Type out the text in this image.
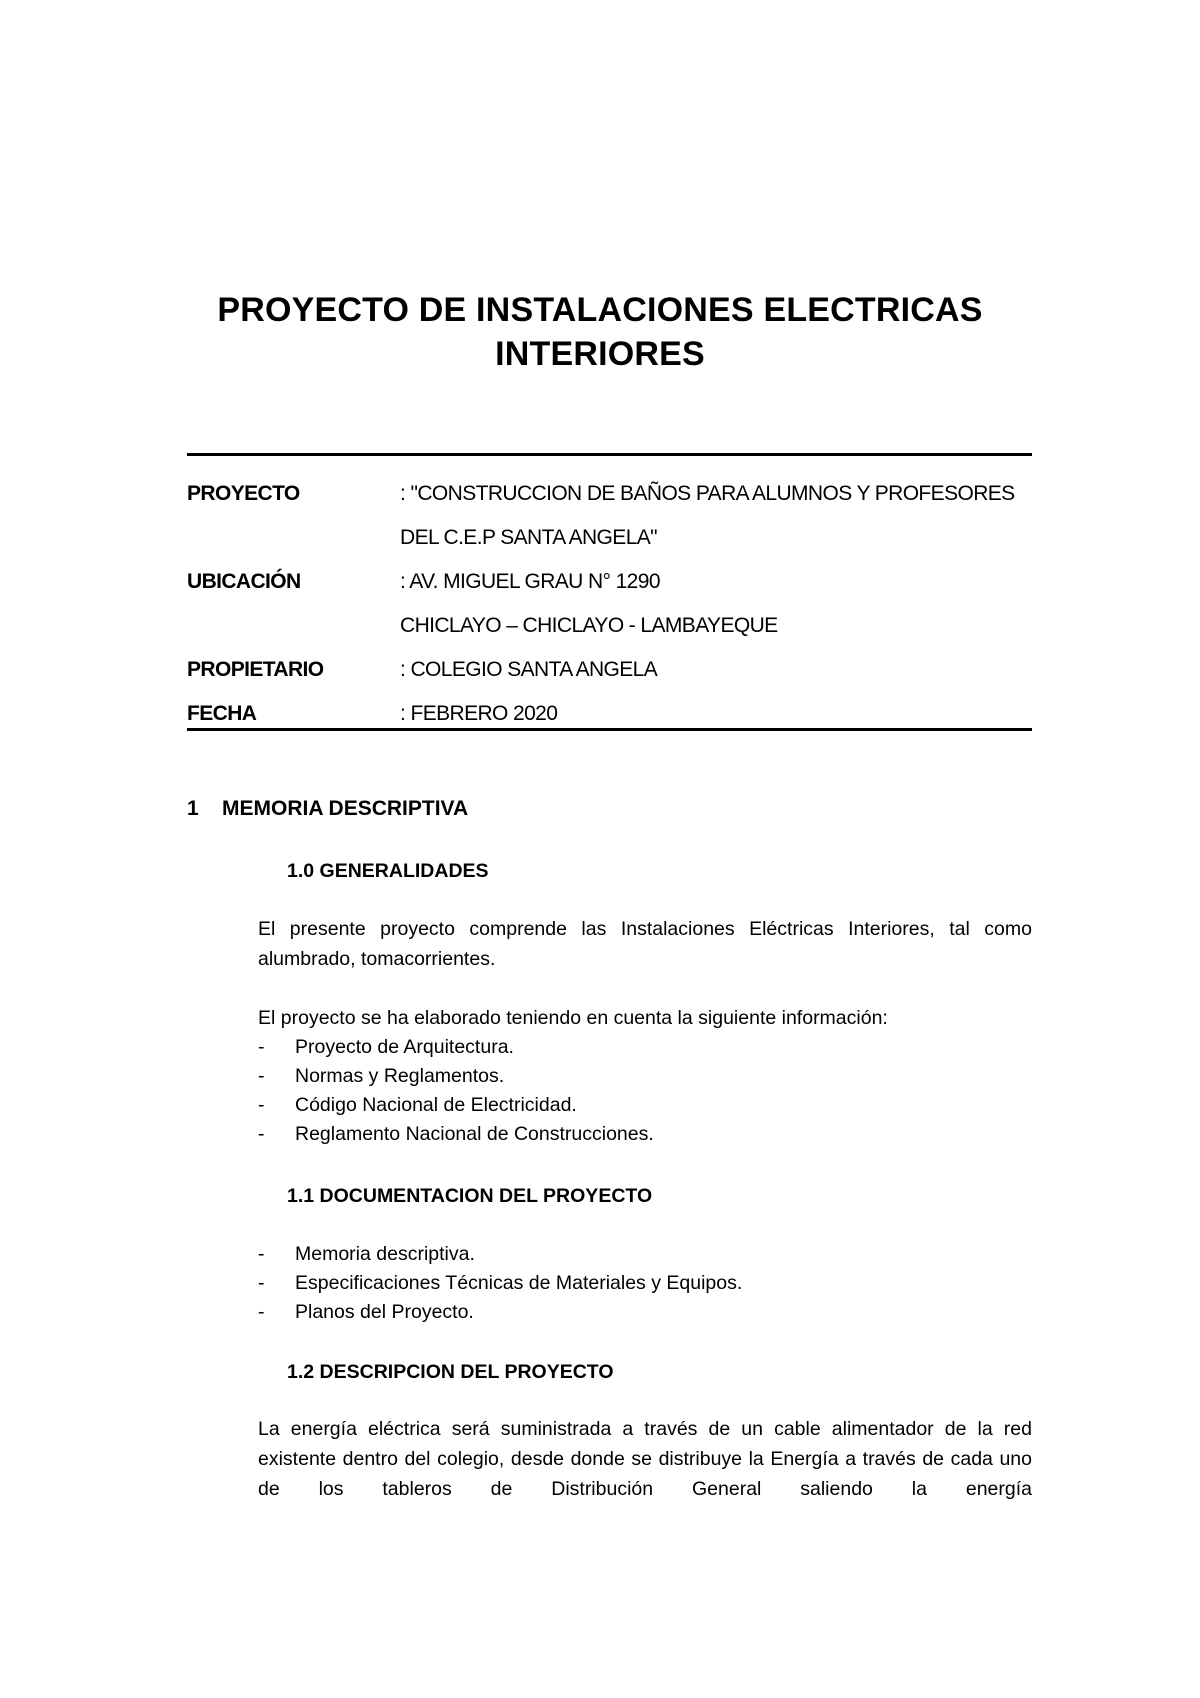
PROYECTO DE INSTALACIONES ELECTRICAS
INTERIORES
PROYECTO	: "CONSTRUCCION DE BAÑOS PARA ALUMNOS Y PROFESORES
DEL C.E.P SANTA ANGELA"
UBICACIÓN	: AV. MIGUEL GRAU N° 1290
CHICLAYO – CHICLAYO - LAMBAYEQUE
PROPIETARIO	: COLEGIO SANTA ANGELA
FECHA	: FEBRERO 2020
1 MEMORIA DESCRIPTIVA
1.0 GENERALIDADES
El presente proyecto comprende las Instalaciones Eléctricas Interiores, tal como alumbrado, tomacorrientes.
El proyecto se ha elaborado teniendo en cuenta la siguiente información:
- Proyecto de Arquitectura.
- Normas y Reglamentos.
- Código Nacional de Electricidad.
- Reglamento Nacional de Construcciones.
1.1 DOCUMENTACION DEL PROYECTO
- Memoria descriptiva.
- Especificaciones Técnicas de Materiales y Equipos.
- Planos del Proyecto.
1.2 DESCRIPCION DEL PROYECTO
La energía eléctrica será suministrada a través de un cable alimentador de la red existente dentro del colegio, desde donde se distribuye la Energía a través de cada uno de los tableros de Distribución General saliendo la energía
